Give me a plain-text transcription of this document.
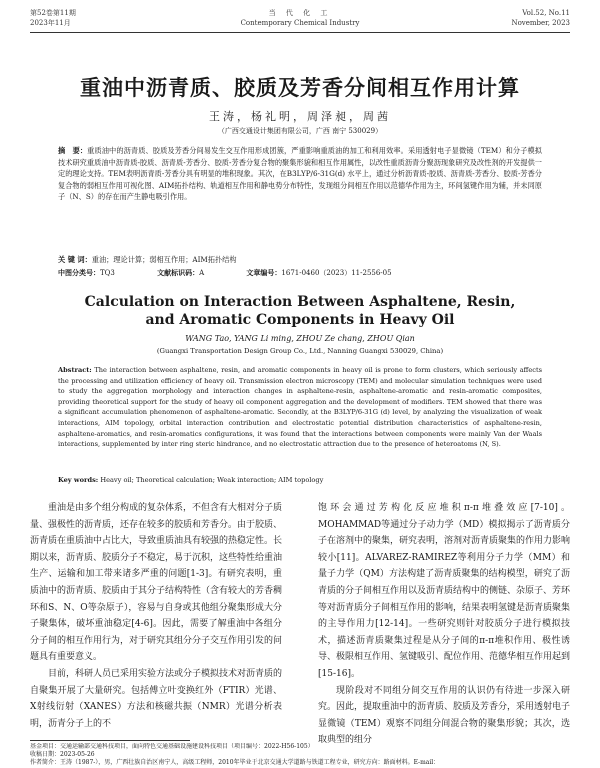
第52卷第11期
2023年11月
当 代 化 工
Contemporary Chemical Industry
Vol.52, No.11
November, 2023
重油中沥青质、胶质及芳香分间相互作用计算
王涛，杨礼明，周泽昶，周茜
（广西交通设计集团有限公司，广西 南宁 530029）
摘　要：重质油中的沥青质、胶质及芳香分间易发生交互作用形成团簇，严重影响重质油的加工和利用效率。采用透射电子显微镜（TEM）和分子模拟技术研究重质油中沥青质-胶质、沥青质-芳香分、胶质-芳香分复合物的聚集形貌和相互作用属性，以改性重质沥青分聚沥现象研究及改性剂的开发提供一定的理论支持。TEM表明沥青质-芳香分具有明显的堆积现象。其次，在B3LYP/6-31G(d) 水平上，通过分析沥青质-胶质、沥青质-芳香分、胶质-芳香分复合物的弱相互作用可视化图、AIM拓扑结构、轨道相互作用和静电势分布特性，发现组分间相互作用以范德华作用为主，环间氢键作用为辅，并未同原子（N、S）的存在而产生静电吸引作用。
关 键 词：重油；理论计算；弱相互作用；AIM拓扑结构
中图分类号：TQ3	文献标识码：A	文章编号：1671-0460（2023）11-2556-05
Calculation on Interaction Between Asphaltene, Resin,
and Aromatic Components in Heavy Oil
WANG Tao, YANG Li ming, ZHOU Ze chang, ZHOU Qian
(Guangxi Transportation Design Group Co., Ltd., Nanning Guangxi 530029, China)
Abstract: The interaction between asphaltene, resin, and aromatic components in heavy oil is prone to form clusters, which seriously affects the processing and utilization efficiency of heavy oil. Transmission electron microscopy (TEM) and molecular simulation techniques were used to study the aggregation morphology and interaction changes in asphaltene-resin, asphaltene-aromatic and resin-aromatic composites, providing theoretical support for the study of heavy oil component aggregation and the development of modifiers. TEM showed that there was a significant accumulation phenomenon of asphaltene-aromatic. Secondly, at the B3LYP/6-31G (d) level, by analyzing the visualization of weak interactions, AIM topology, orbital interaction contribution and electrostatic potential distribution characteristics of asphaltene-resin, asphaltene-aromatics, and resin-aromatics configurations, it was found that the interactions between components were mainly Van der Waals interactions, supplemented by inter ring steric hindrance, and no electrostatic attraction due to the presence of heteroatoms (N, S).
Key words: Heavy oil; Theoretical calculation; Weak interaction; AIM topology

重油是由多个组分构成的复杂体系，不但含有大相对分子质量、强极性的沥青质，还存在较多的胶质和芳香分。由于胶质、沥青质在重质油中占比大，导致重质油具有较强的热稳定性。长期以来，沥青质、胶质分子不稳定，易于沉积，这些特性给重油生产、运输和加工带来诸多严重的问题[1-3]。有研究表明，重质油中的沥青质、胶质由于其分子结构特性（含有较大的芳香稠环和S、N、O等杂原子），容易与自身或其他组分聚集形成大分子聚集体，破坏重油稳定[4-6]。因此，需要了解重油中各组分分子间的相互作用行为，对于研究其组分分子交互作用引发的问题具有重要意义。

目前，科研人员已采用实验方法或分子模拟技术对沥青质的自聚集开展了大量研究。包括傅立叶变换红外（FTIR）光谱、X射线衍射（XANES）方法和核磁共振（NMR）光谱分析表明，沥青分子上的不

饱环会通过芳构化反应堆积π-π堆叠效应[7-10]。MOHAMMAD等通过分子动力学（MD）模拟揭示了沥青质分子在溶剂中的聚集，研究表明，溶剂对沥青质聚集的作用力影响较小[11]。ALVAREZ-RAMIREZ等利用分子力学（MM）和量子力学（QM）方法构建了沥青质聚集的结构模型，研究了沥青质的分子间相互作用以及沥青质结构中的侧链、杂原子、芳环等对沥青质分子间相互作用的影响，结果表明氢键是沥青质聚集的主导作用力[12-14]。一些研究则针对胶质分子进行模拟技术，描述沥青质聚集过程是从分子间的π-π堆积作用、极性诱导、极限相互作用、氢键吸引、配位作用、范德华相互作用起到[15-16]。

现阶段对不同组分间交互作用的认识仍有待进一步深入研究。因此，提取重油中的沥青质、胶质及芳香分，采用透射电子显微镜（TEM）观察不同组分间混合物的聚集形貌；其次，选取典型的组分

基金项目：交通运输部交通科技项目，面向特色交通基础设施建设科技项目（项目编号：2022-H56-105）
收稿日期：2023-05-26
作者简介：王涛（1987-），男，广西壮族自治区南宁人，高级工程师，2010年毕业于北京交通大学道路与铁道工程专业，研究方向：路面材料。E-mail：
